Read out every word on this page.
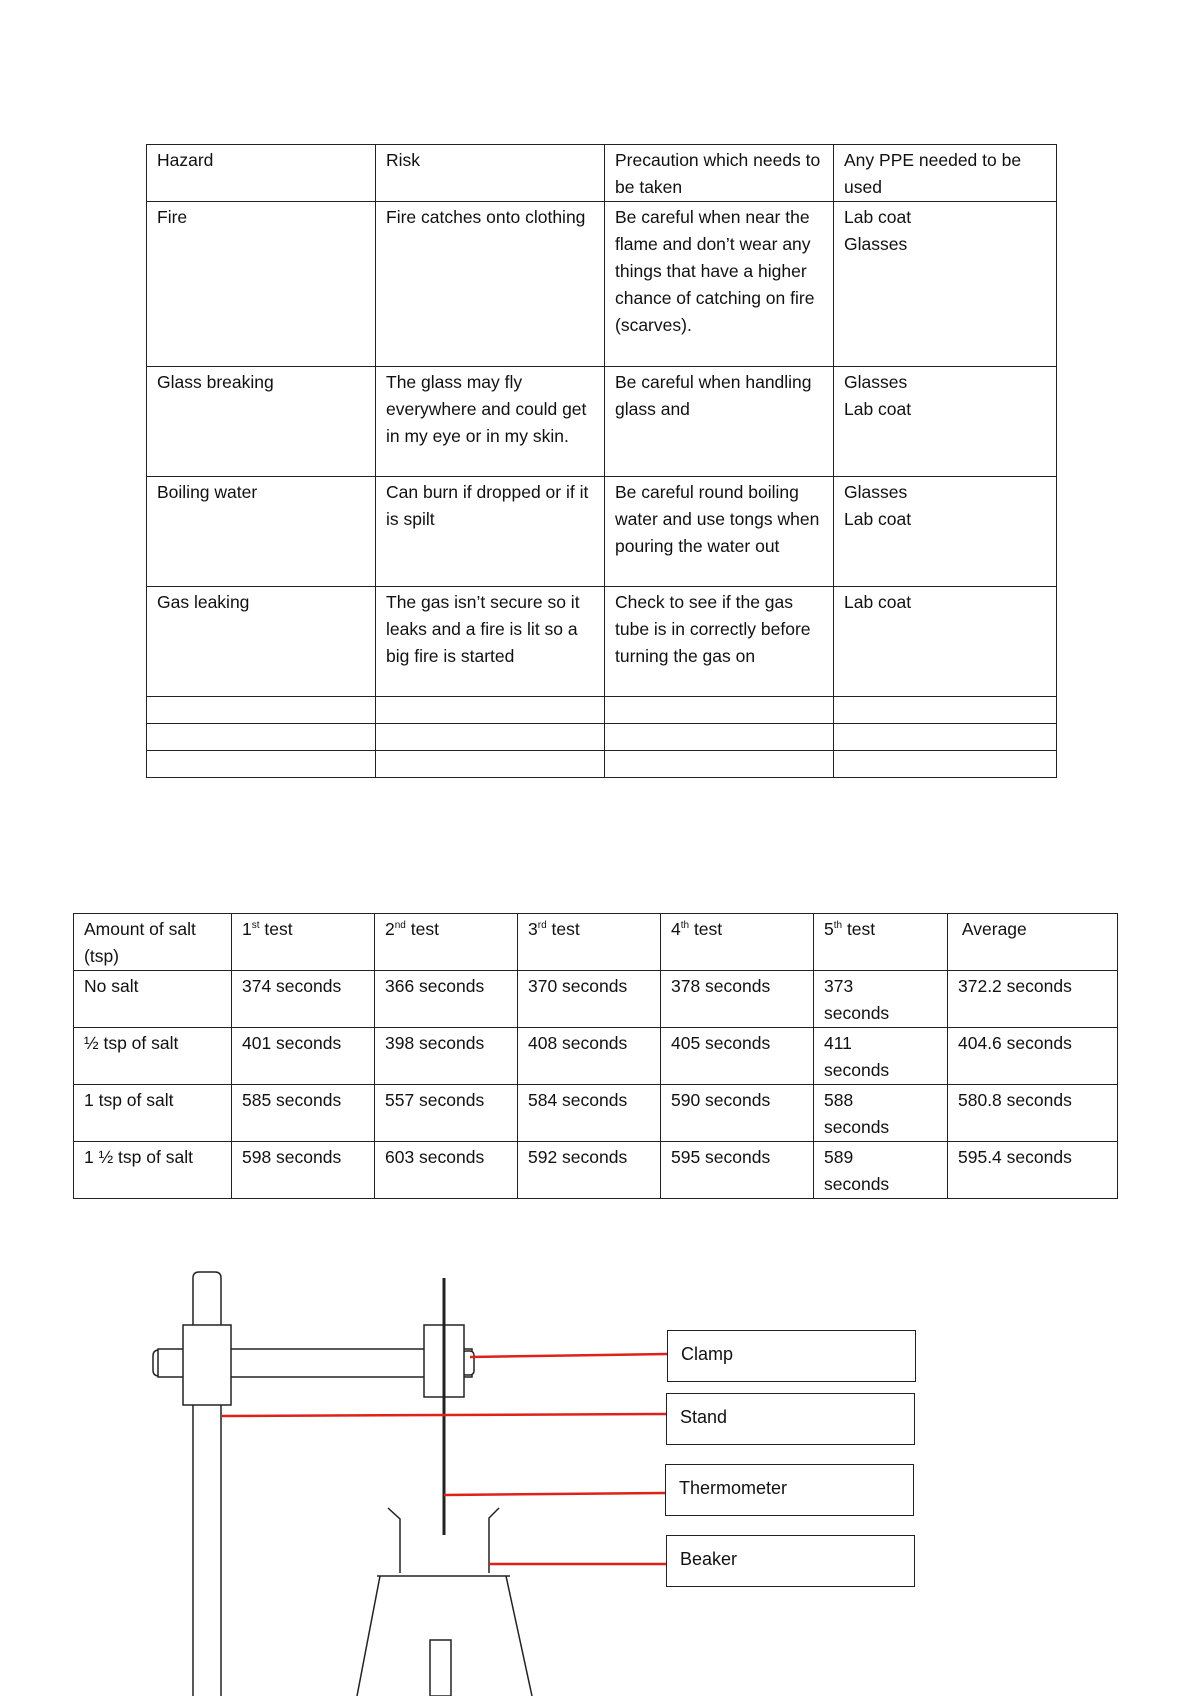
Hazard	Risk	Precaution which needs to be taken	Any PPE needed to be used
Fire	Fire catches onto clothing	Be careful when near the flame and don’t wear any things that have a higher chance of catching on fire (scarves).	Lab coat
Glasses

Glass breaking	The glass may fly everywhere and could get in my eye or in my skin.	Be careful when handling glass and	Glasses
Lab coat

Boiling water	Can burn if dropped or if it is spilt	Be careful round boiling water and use tongs when pouring the water out	Glasses
Lab coat

Gas leaking	The gas isn’t secure so it leaks and a fire is lit so a big fire is started	Check to see if the gas tube is in correctly before turning the gas on	Lab coat

Amount of salt (tsp)	1st test	2nd test	3rd test	4th test	5th test	Average
No salt	374 seconds	366 seconds	370 seconds	378 seconds	373 seconds	372.2 seconds
½ tsp of salt	401 seconds	398 seconds	408 seconds	405 seconds	411 seconds	404.6 seconds
1 tsp of salt	585 seconds	557 seconds	584 seconds	590 seconds	588 seconds	580.8 seconds
1 ½ tsp of salt	598 seconds	603 seconds	592 seconds	595 seconds	589 seconds	595.4 seconds
Clamp
Stand
Thermometer
Beaker
